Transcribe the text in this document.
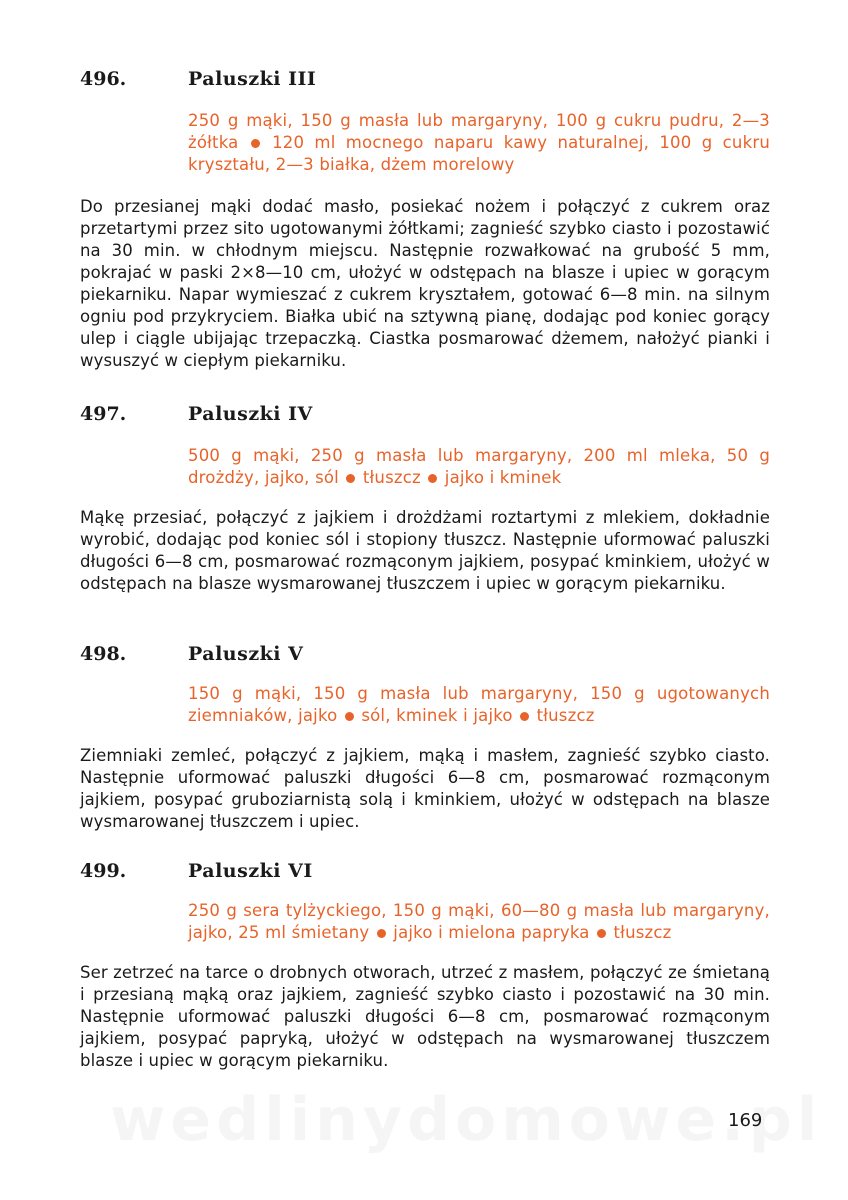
496.	Paluszki III
250 g mąki, 150 g masła lub margaryny, 100 g cukru pudru, 2—3 żółtka 120 ml mocnego naparu kawy naturalnej, 100 g cukru kryształu, 2—3 białka, dżem morelowy

Do przesianej mąki dodać masło, posiekać nożem i połączyć z cukrem oraz przetartymi przez sito ugotowanymi żółtkami; zagnieść szybko ciasto i pozostawić na 30 min. w chłodnym miejscu. Następnie rozwałkować na grubość 5 mm, pokrajać w paski 2×8—10 cm, ułożyć w odstępach na blasze i upiec w gorącym piekarniku. Napar wymieszać z cukrem kryształem, gotować 6—8 min. na silnym ogniu pod przykryciem. Białka ubić na sztywną pianę, dodając pod koniec gorący ulep i ciągle ubijając trzepaczką. Ciastka posmarować dżemem, nałożyć pianki i wysuszyć w ciepłym piekarniku.

497.	Paluszki IV
500 g mąki, 250 g masła lub margaryny, 200 ml mleka, 50 g drożdży, jajko, sól tłuszcz jajko i kminek

Mąkę przesiać, połączyć z jajkiem i drożdżami roztartymi z mlekiem, dokładnie wyrobić, dodając pod koniec sól i stopiony tłuszcz. Następnie uformować paluszki długości 6—8 cm, posmarować rozmąconym jajkiem, posypać kminkiem, ułożyć w odstępach na blasze wysmarowanej tłuszczem i upiec w gorącym piekarniku.

498.	Paluszki V
150 g mąki, 150 g masła lub margaryny, 150 g ugotowanych ziemniaków, jajko sól, kminek i jajko tłuszcz

Ziemniaki zemleć, połączyć z jajkiem, mąką i masłem, zagnieść szybko ciasto. Następnie uformować paluszki długości 6—8 cm, posmarować rozmąconym jajkiem, posypać gruboziarnistą solą i kminkiem, ułożyć w odstępach na blasze wysmarowanej tłuszczem i upiec.

499.	Paluszki VI
250 g sera tylżyckiego, 150 g mąki, 60—80 g masła lub margaryny, jajko, 25 ml śmietany jajko i mielona papryka tłuszcz

Ser zetrzeć na tarce o drobnych otworach, utrzeć z masłem, połączyć ze śmietaną i przesianą mąką oraz jajkiem, zagnieść szybko ciasto i pozostawić na 30 min. Następnie uformować paluszki długości 6—8 cm, posmarować rozmąconym jajkiem, posypać papryką, ułożyć w odstępach na wysmarowanej tłuszczem blasze i upiec w gorącym piekarniku.

169
